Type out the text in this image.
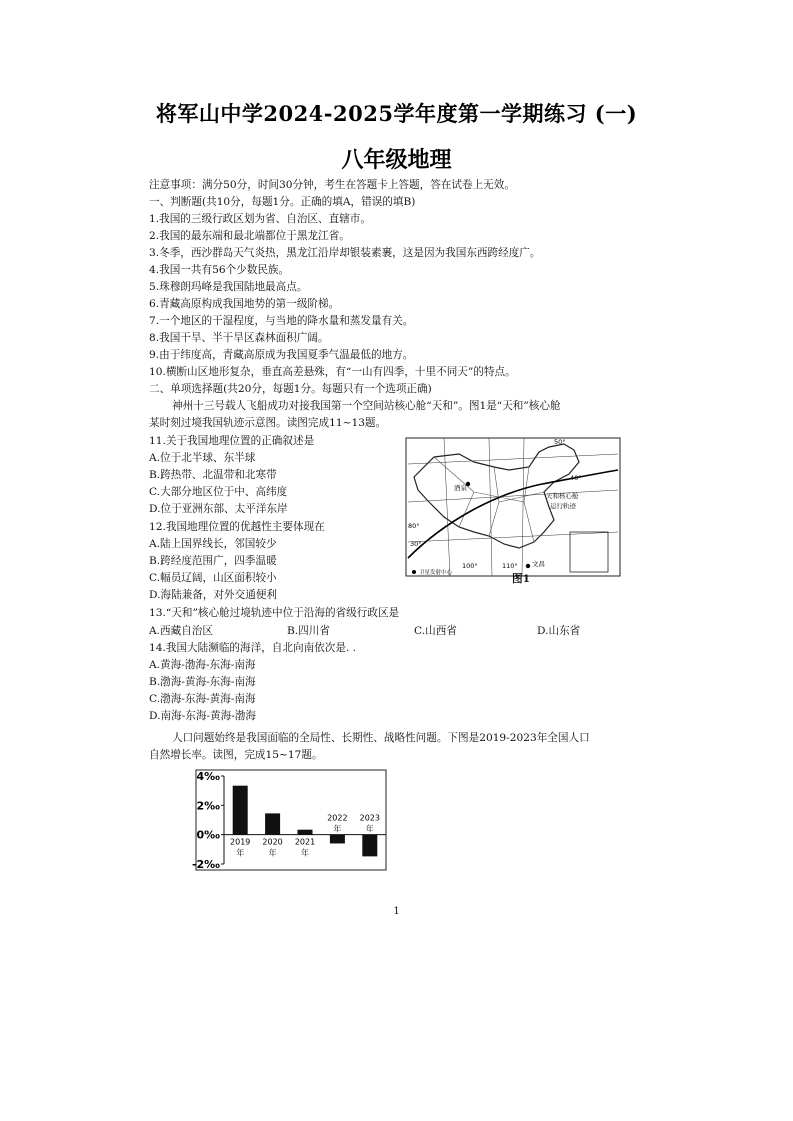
将军山中学2024-2025学年度第一学期练习 (一)
八年级地理
注意事项：满分50分，时间30分钟，考生在答题卡上答题，答在试卷上无效。
一、判断题(共10分，每题1分。正确的填A，错误的填B)
1.我国的三级行政区划为省、自治区、直辖市。
2.我国的最东端和最北端都位于黑龙江省。
3.冬季，西沙群岛天气炎热，黑龙江沿岸却银装素裹，这是因为我国东西跨经度广。
4.我国一共有56个少数民族。
5.珠穆朗玛峰是我国陆地最高点。
6.青藏高原构成我国地势的第一级阶梯。
7.一个地区的干湿程度，与当地的降水量和蒸发量有关。
8.我国干旱、半干旱区森林面积广阔。
9.由于纬度高，青藏高原成为我国夏季气温最低的地方。
10.横断山区地形复杂，垂直高差悬殊，有“一山有四季，十里不同天”的特点。
二、单项选择题(共20分，每题1分。每题只有一个选项正确)
神州十三号载人飞船成功对接我国第一个空间站核心舱“天和”。图1是“天和”核心舱
某时刻过境我国轨迹示意图。读图完成11~13题。
11.关于我国地理位置的正确叙述是
A.位于北半球、东半球
B.跨热带、北温带和北寒带
C.大部分地区位于中、高纬度
D.位于亚洲东部、太平洋东岸
12.我国地理位置的优越性主要体现在
A.陆上国界线长，邻国较少
B.跨经度范围广，四季温暖
C.幅员辽阔，山区面积较小
D.海陆兼备，对外交通便利
13.“天和”核心舱过境轨迹中位于沿海的省级行政区是
A.西藏自治区	B.四川省	C.山西省	D.山东省
14.我国大陆濒临的海洋，自北向南依次是. .
A.黄海-渤海-东海-南海
B.渤海-黄海-东海-南海
C.渤海-东海-黄海-南海
D.南海-东海-黄海-渤海
人口问题始终是我国面临的全局性、长期性、战略性问题。下图是2019-2023年全国人口
自然增长率。读图，完成15~17题。
50°
40°
30°
80°
100°	110°
酒泉
文昌
天和核心舱
运行轨迹
卫星发射中心	图1
4‰
2‰
0‰
-2‰
2019
年
2020
年
2021
年
2022
年
2023
年
1
